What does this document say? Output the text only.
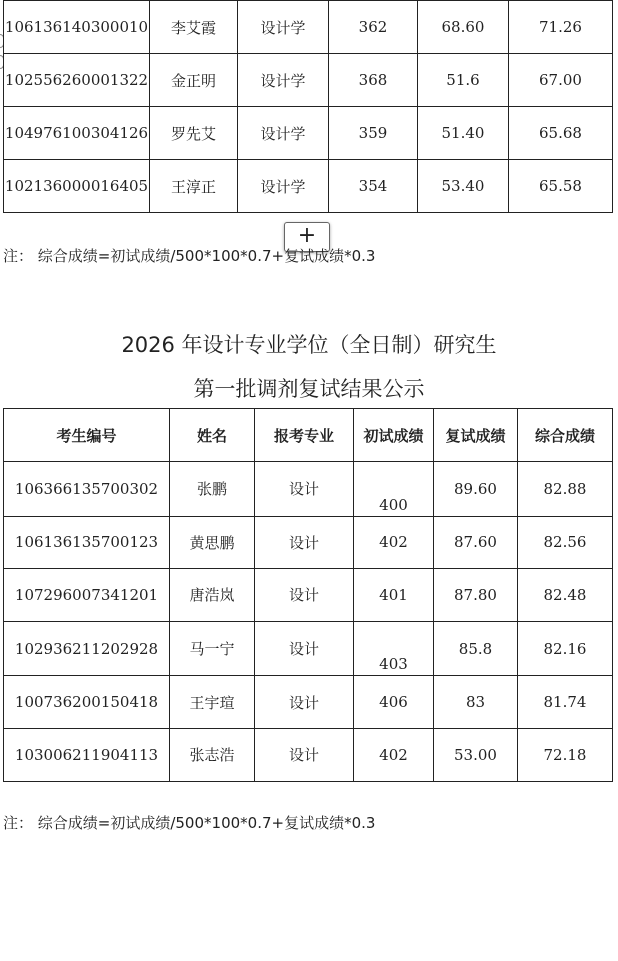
106136140300010	李艾霞	设计学	362	68.60	71.26
102556260001322	金正明	设计学	368	51.6	67.00
104976100304126	罗先艾	设计学	359	51.40	65.68
102136000016405	王淳正	设计学	354	53.40	65.58
+

注： 综合成绩=初试成绩/500*100*0.7+复试成绩*0.3

2026 年设计专业学位（全日制）研究生

第一批调剂复试结果公示

考生编号	姓名	报考专业	初试成绩	复试成绩	综合成绩
106366135700302	张鹏	设计	400	89.60	82.88
106136135700123	黄思鹏	设计	402	87.60	82.56
107296007341201	唐浩岚	设计	401	87.80	82.48
102936211202928	马一宁	设计	403	85.8	82.16
100736200150418	王宇瑄	设计	406	83	81.74
103006211904113	张志浩	设计	402	53.00	72.18

注： 综合成绩=初试成绩/500*100*0.7+复试成绩*0.3
